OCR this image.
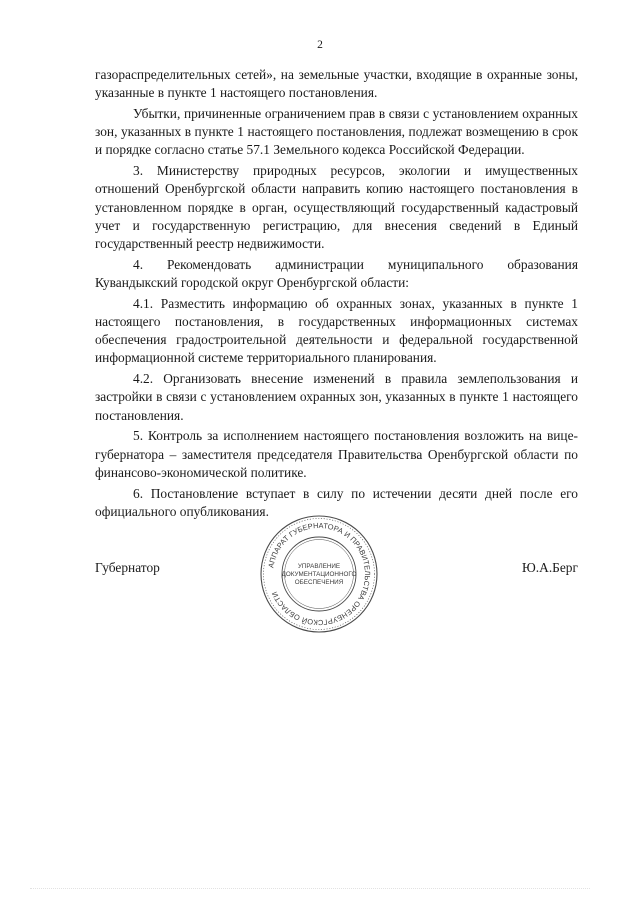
2

газораспределительных сетей», на земельные участки, входящие в охранные зоны, указанные в пункте 1 настоящего постановления.

Убытки, причиненные ограничением прав в связи с установлением охранных зон, указанных в пункте 1 настоящего постановления, подлежат возмещению в срок и порядке согласно статье 57.1 Земельного кодекса Российской Федерации.

3. Министерству природных ресурсов, экологии и имущественных отношений Оренбургской области направить копию настоящего постановления в установленном порядке в орган, осуществляющий государственный кадастровый учет и государственную регистрацию, для внесения сведений в Единый государственный реестр недвижимости.

4. Рекомендовать администрации муниципального образования Кувандыкский городской округ Оренбургской области:

4.1. Разместить информацию об охранных зонах, указанных в пункте 1 настоящего постановления, в государственных информационных системах обеспечения градостроительной деятельности и федеральной государственной информационной системе территориального планирования.

4.2. Организовать внесение изменений в правила землепользования и застройки в связи с установлением охранных зон, указанных в пункте 1 настоящего постановления.

5. Контроль за исполнением настоящего постановления возложить на вице-губернатора – заместителя председателя Правительства Оренбургской области по финансово-экономической политике.

6. Постановление вступает в силу по истечении десяти дней после его официального опубликования.

АППАРАТ ГУБЕРНАТОРА И ПРАВИТЕЛЬСТВА ОРЕНБУРГСКОЙ ОБЛАСТИ
УПРАВЛЕНИЕ
ДОКУМЕНТАЦИОННОГО
ОБЕСПЕЧЕНИЯ
Губернатор	Ю.А.Берг
